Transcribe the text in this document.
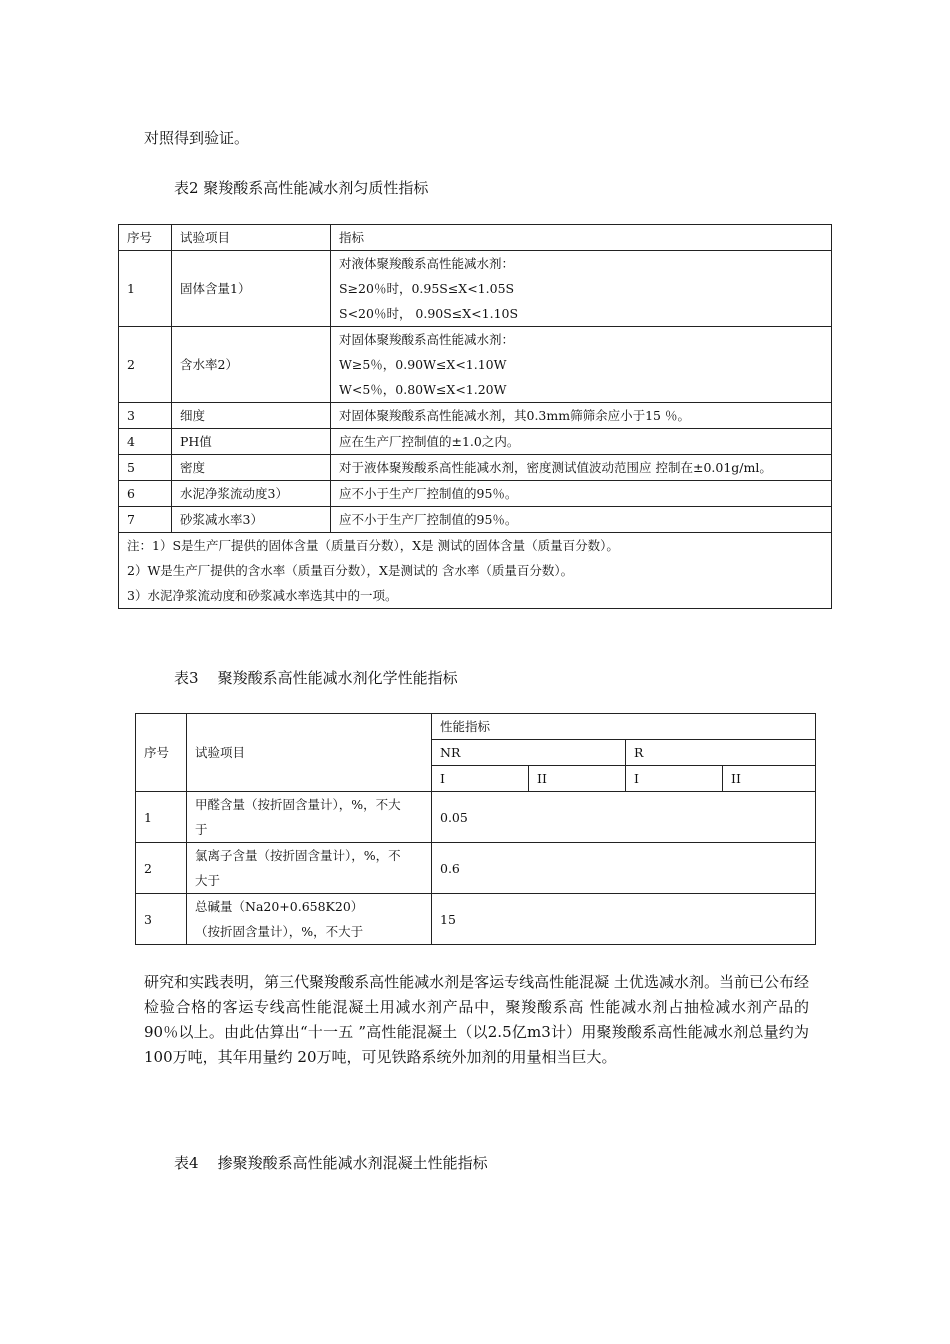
对照得到验证。
表2 聚羧酸系高性能减水剂匀质性指标
序号	试验项目	指标
1	固体含量1）	对液体聚羧酸系高性能减水剂：
S≥20％时，0.95S≤X<1.05S
S<20％时， 0.90S≤X<1.10S

2	含水率2）	对固体聚羧酸系高性能减水剂：
W≥5％，0.90W≤X<1.10W
W<5％，0.80W≤X<1.20W

3	细度	对固体聚羧酸系高性能减水剂，其0.3mm筛筛余应小于15 ％。
4	PH值	应在生产厂控制值的±1.0之内。
5	密度	对于液体聚羧酸系高性能减水剂，密度测试值波动范围应 控制在±0.01g/ml。
6	水泥净浆流动度3）	应不小于生产厂控制值的95％。
7	砂浆减水率3）	应不小于生产厂控制值的95％。

注：1）S是生产厂提供的固体含量（质量百分数），X是 测试的固体含量（质量百分数）。
2）W是生产厂提供的含水率（质量百分数），X是测试的 含水率（质量百分数）。
3）水泥净浆流动度和砂浆减水率选其中的一项。		
表3    聚羧酸系高性能减水剂化学性能指标
序号	试验项目	性能指标			
		NR		R	
		I	II	I	II
1	甲醛含量（按折固含量计），%，不大
于	0.05			
2	氯离子含量（按折固含量计），%，不
大于	0.6			
3	总碱量（Na20+0.658K20）
（按折固含量计），%，不大于	15			
研究和实践表明，第三代聚羧酸系高性能减水剂是客运专线高性能混凝 土优选减水剂。当前已公布经检验合格的客运专线高性能混凝土用减水剂产品中，聚羧酸系高 性能减水剂占抽检减水剂产品的90％以上。由此估算出“十一五 ”高性能混凝土（以2.5亿m3计）用聚羧酸系高性能减水剂总量约为100万吨，其年用量约 20万吨，可见铁路系统外加剂的用量相当巨大。
表4    掺聚羧酸系高性能减水剂混凝土性能指标
